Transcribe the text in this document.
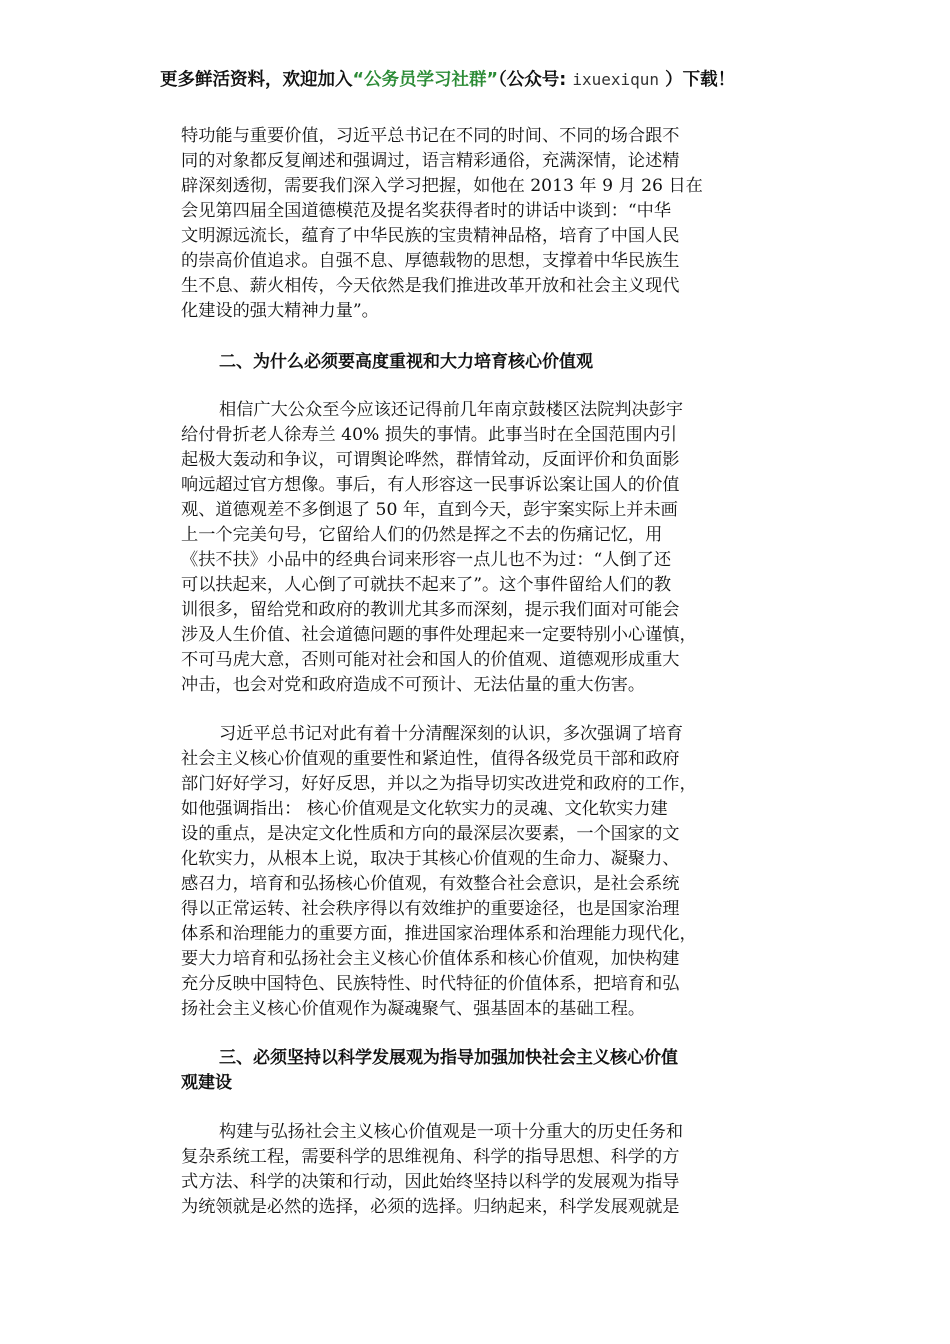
更多鲜活资料，欢迎加入“公务员学习社群”（公众号: ixuexiqun ）下载！
特功能与重要价值，习近平总书记在不同的时间、不同的场合跟不
同的对象都反复阐述和强调过，语言精彩通俗，充满深情，论述精
辟深刻透彻，需要我们深入学习把握，如他在 2013 年 9 月 26 日在
会见第四届全国道德模范及提名奖获得者时的讲话中谈到：“中华
文明源远流长，蕴育了中华民族的宝贵精神品格，培育了中国人民
的崇高价值追求。自强不息、厚德载物的思想，支撑着中华民族生
生不息、薪火相传，今天依然是我们推进改革开放和社会主义现代
化建设的强大精神力量”。
二、为什么必须要高度重视和大力培育核心价值观
相信广大公众至今应该还记得前几年南京鼓楼区法院判决彭宇
给付骨折老人徐寿兰 40% 损失的事情。此事当时在全国范围内引
起极大轰动和争议，可谓舆论哗然，群情耸动，反面评价和负面影
响远超过官方想像。事后，有人形容这一民事诉讼案让国人的价值
观、道德观差不多倒退了 50 年，直到今天，彭宇案实际上并未画
上一个完美句号，它留给人们的仍然是挥之不去的伤痛记忆，用
《扶不扶》小品中的经典台词来形容一点儿也不为过：“人倒了还
可以扶起来，人心倒了可就扶不起来了”。这个事件留给人们的教
训很多，留给党和政府的教训尤其多而深刻，提示我们面对可能会
涉及人生价值、社会道德问题的事件处理起来一定要特别小心谨慎，
不可马虎大意，否则可能对社会和国人的价值观、道德观形成重大
冲击，也会对党和政府造成不可预计、无法估量的重大伤害。
习近平总书记对此有着十分清醒深刻的认识，多次强调了培育
社会主义核心价值观的重要性和紧迫性，值得各级党员干部和政府
部门好好学习，好好反思，并以之为指导切实改进党和政府的工作，
如他强调指出： 核心价值观是文化软实力的灵魂、文化软实力建
设的重点，是决定文化性质和方向的最深层次要素，一个国家的文
化软实力，从根本上说，取决于其核心价值观的生命力、凝聚力、
感召力，培育和弘扬核心价值观，有效整合社会意识，是社会系统
得以正常运转、社会秩序得以有效维护的重要途径，也是国家治理
体系和治理能力的重要方面，推进国家治理体系和治理能力现代化，
要大力培育和弘扬社会主义核心价值体系和核心价值观，加快构建
充分反映中国特色、民族特性、时代特征的价值体系，把培育和弘
扬社会主义核心价值观作为凝魂聚气、强基固本的基础工程。
三、必须坚持以科学发展观为指导加强加快社会主义核心价值
观建设
构建与弘扬社会主义核心价值观是一项十分重大的历史任务和
复杂系统工程，需要科学的思维视角、科学的指导思想、科学的方
式方法、科学的决策和行动，因此始终坚持以科学的发展观为指导
为统领就是必然的选择，必须的选择。归纳起来，科学发展观就是
